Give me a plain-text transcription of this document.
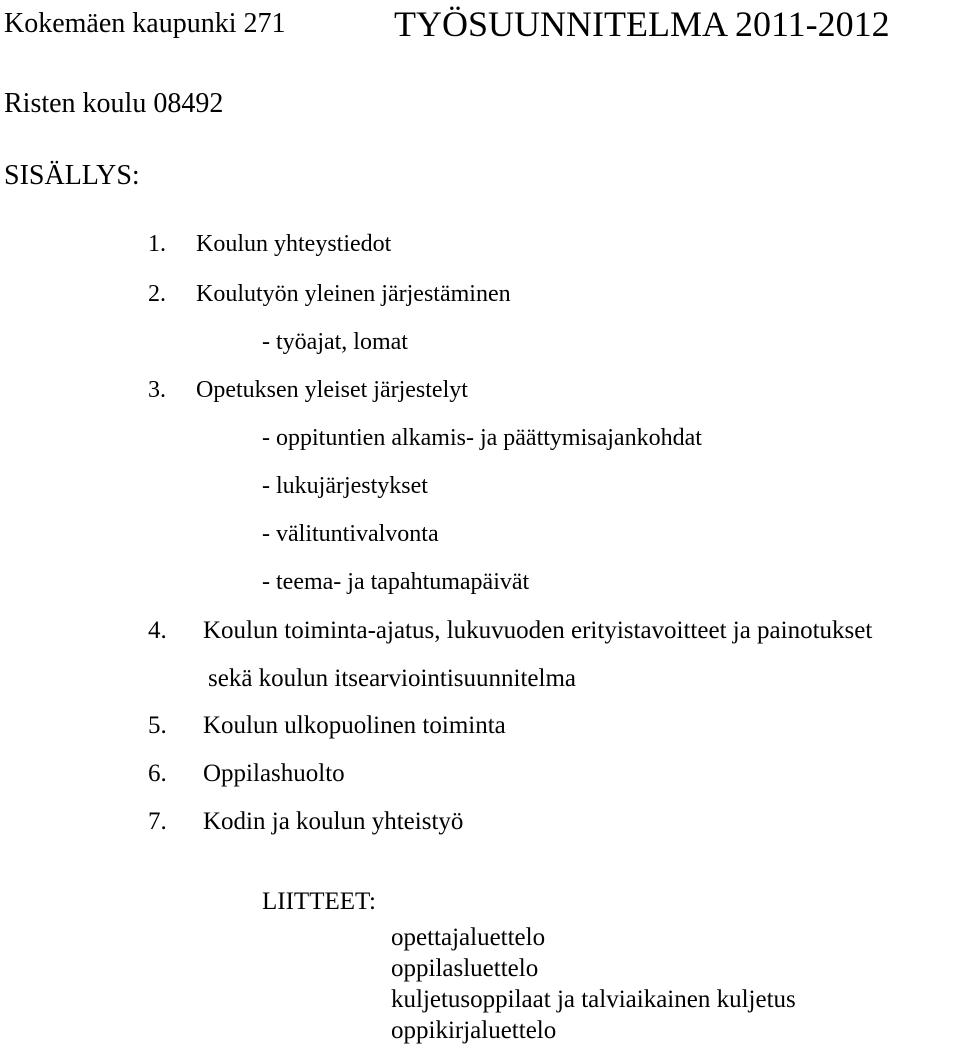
Kokemäen kaupunki 271	TYÖSUUNNITELMA 2011-2012
Risten koulu 08492
SISÄLLYS:
1. Koulun yhteystiedot
2. Koulutyön yleinen järjestäminen
- työajat, lomat
3. Opetuksen yleiset järjestelyt
- oppituntien alkamis- ja päättymisajankohdat
- lukujärjestykset
- välituntivalvonta
- teema- ja tapahtumapäivät
4. Koulun toiminta-ajatus, lukuvuoden erityistavoitteet ja painotukset
sekä koulun itsearviointisuunnitelma
5. Koulun ulkopuolinen toiminta
6. Oppilashuolto
7. Kodin ja koulun yhteistyö
LIITTEET:
opettajaluettelo
oppilasluettelo
kuljetusoppilaat ja talviaikainen kuljetus
oppikirjaluettelo
